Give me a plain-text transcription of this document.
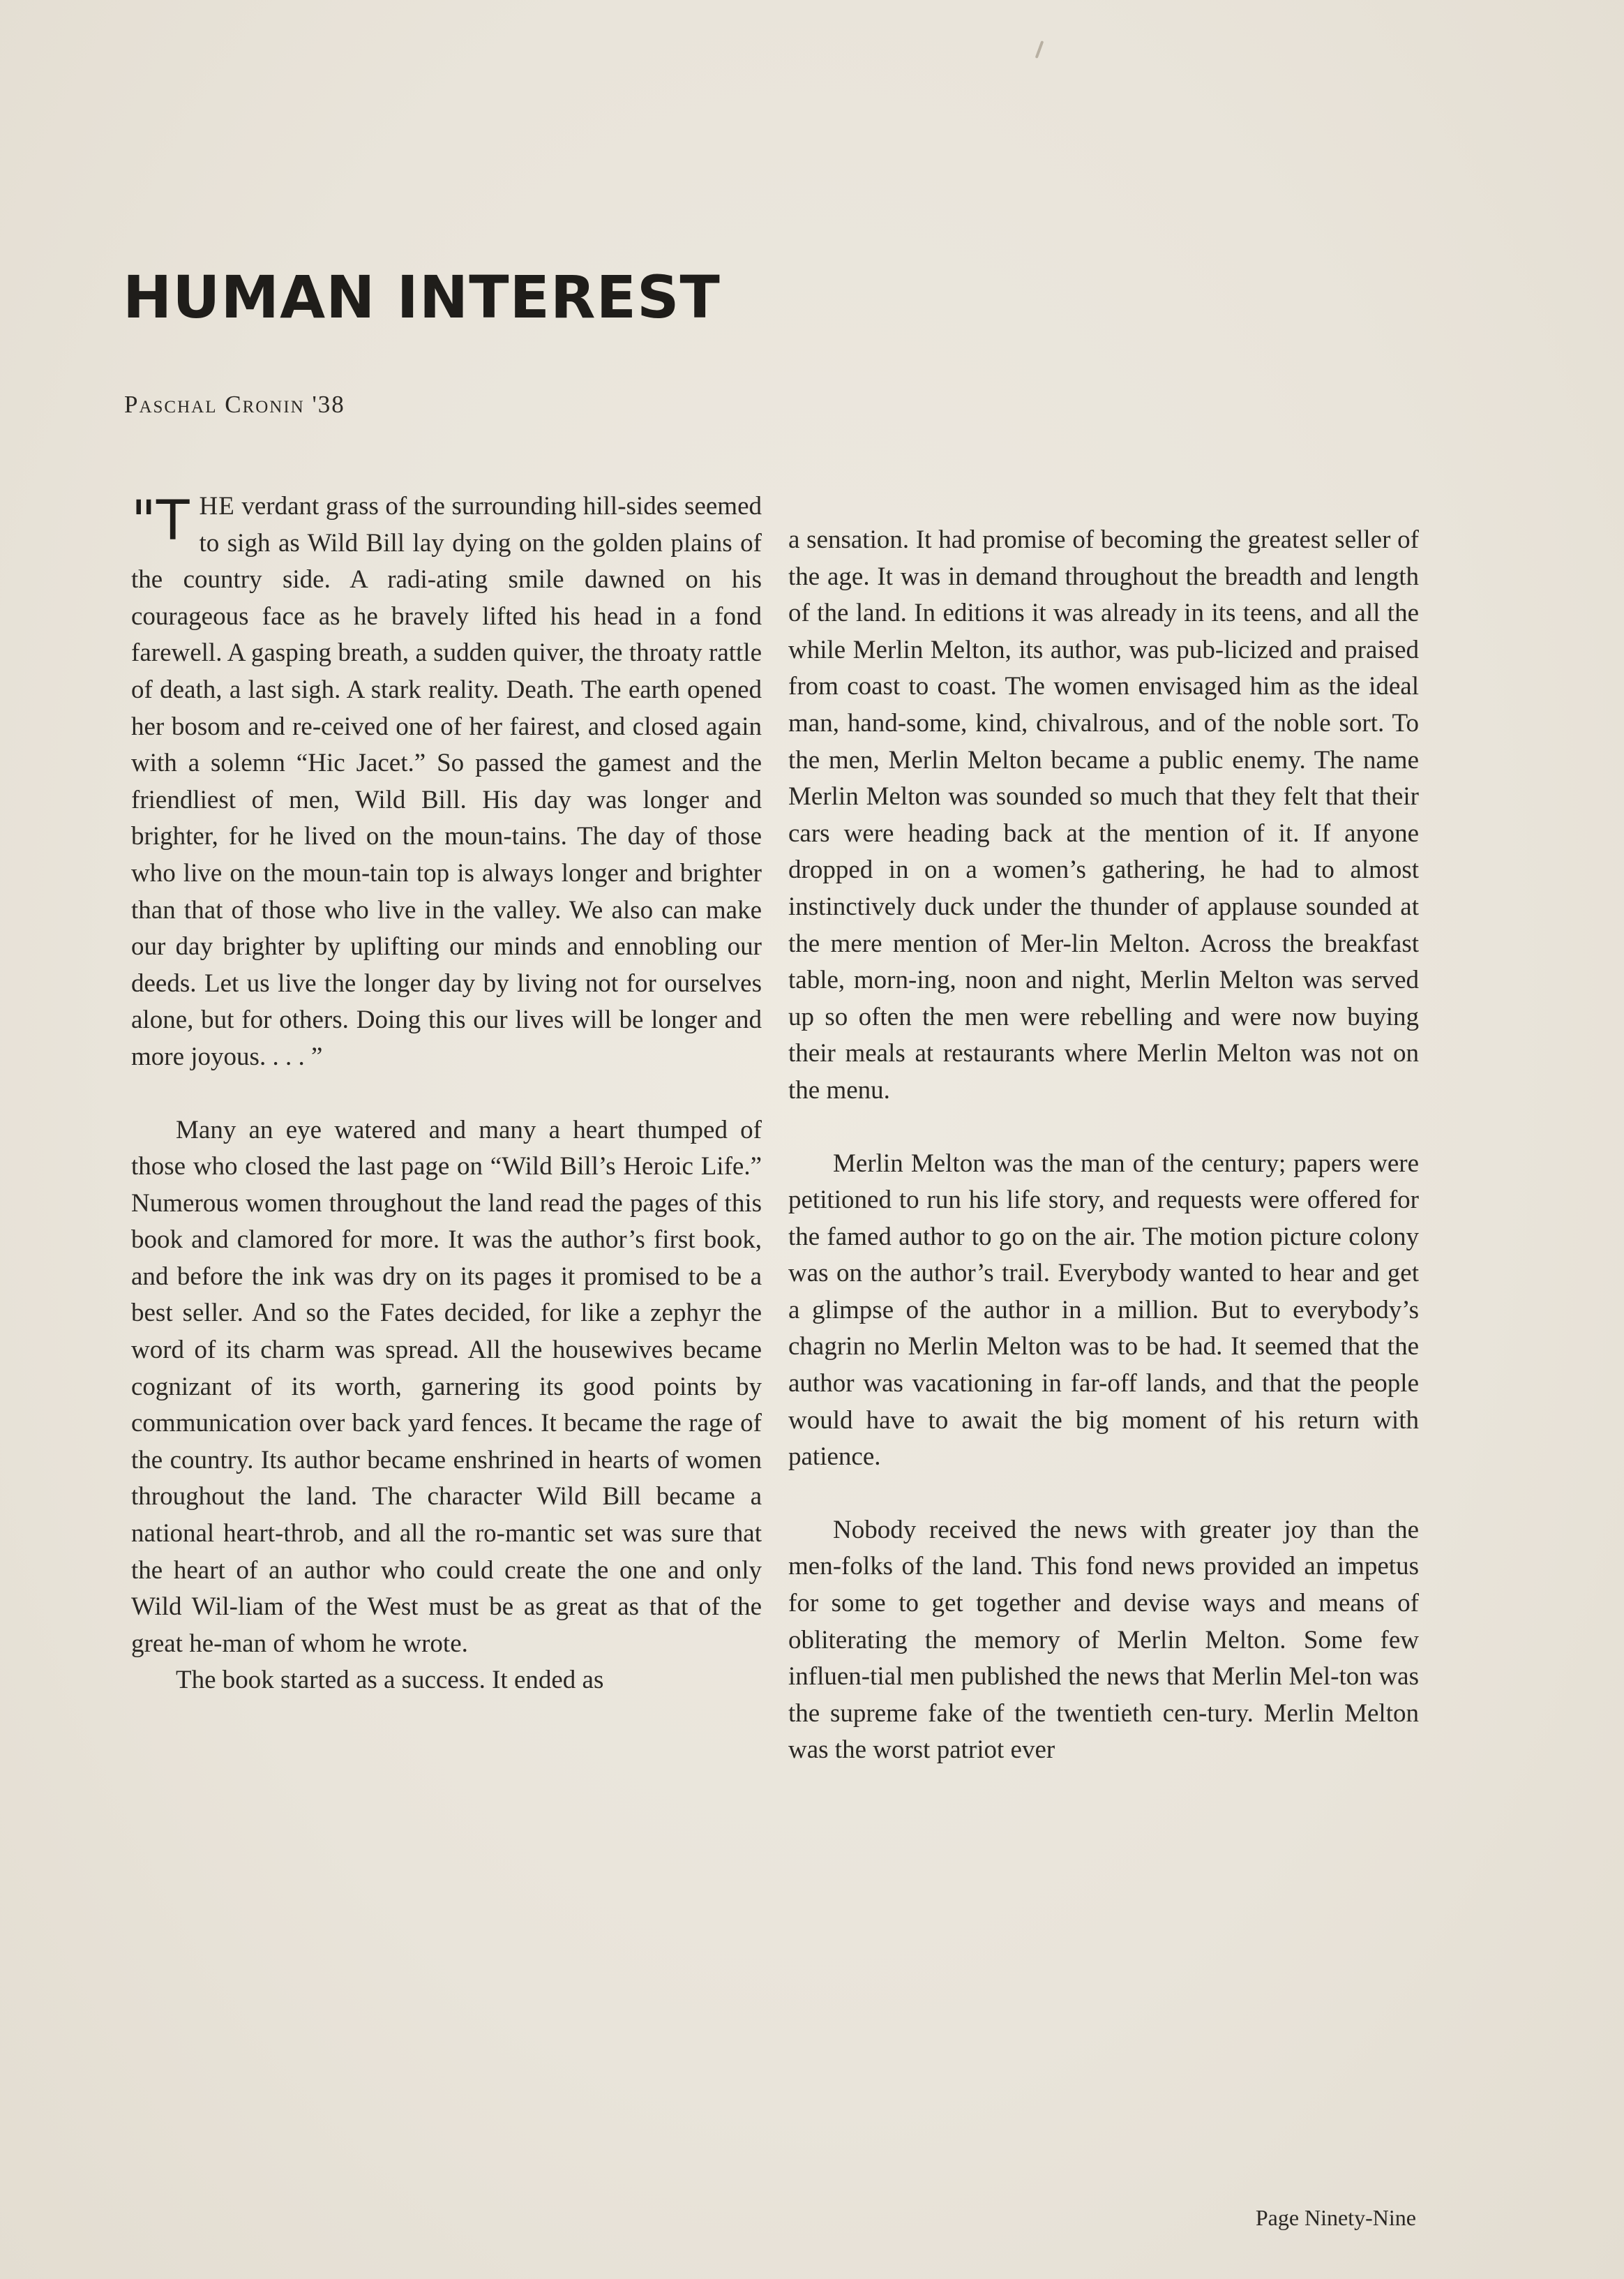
HUMAN INTEREST
Paschal Cronin '38

"THE verdant grass of the surrounding hill-sides seemed to sigh as Wild Bill lay dying on the golden plains of the country side. A radi-ating smile dawned on his courageous face as he bravely lifted his head in a fond farewell. A gasping breath, a sudden quiver, the throaty rattle of death, a last sigh. A stark reality. Death. The earth opened her bosom and re-ceived one of her fairest, and closed again with a solemn “Hic Jacet.” So passed the gamest and the friendliest of men, Wild Bill. His day was longer and brighter, for he lived on the moun-tains. The day of those who live on the moun-tain top is always longer and brighter than that of those who live in the valley. We also can make our day brighter by uplifting our minds and ennobling our deeds. Let us live the longer day by living not for ourselves alone, but for others. Doing this our lives will be longer and more joyous. . . . ”

Many an eye watered and many a heart thumped of those who closed the last page on “Wild Bill’s Heroic Life.” Numerous women throughout the land read the pages of this book and clamored for more. It was the author’s first book, and before the ink was dry on its pages it promised to be a best seller. And so the Fates decided, for like a zephyr the word of its charm was spread. All the housewives became cognizant of its worth, garnering its good points by communication over back yard fences. It became the rage of the country. Its author became enshrined in hearts of women throughout the land. The character Wild Bill became a national heart-throb, and all the ro-mantic set was sure that the heart of an author who could create the one and only Wild Wil-liam of the West must be as great as that of the great he-man of whom he wrote.

The book started as a success. It ended as

a sensation. It had promise of becoming the greatest seller of the age. It was in demand throughout the breadth and length of the land. In editions it was already in its teens, and all the while Merlin Melton, its author, was pub-licized and praised from coast to coast. The women envisaged him as the ideal man, hand-some, kind, chivalrous, and of the noble sort. To the men, Merlin Melton became a public enemy. The name Merlin Melton was sounded so much that they felt that their cars were heading back at the mention of it. If anyone dropped in on a women’s gathering, he had to almost instinctively duck under the thunder of applause sounded at the mere mention of Mer-lin Melton. Across the breakfast table, morn-ing, noon and night, Merlin Melton was served up so often the men were rebelling and were now buying their meals at restaurants where Merlin Melton was not on the menu.

Merlin Melton was the man of the century; papers were petitioned to run his life story, and requests were offered for the famed author to go on the air. The motion picture colony was on the author’s trail. Everybody wanted to hear and get a glimpse of the author in a million. But to everybody’s chagrin no Merlin Melton was to be had. It seemed that the author was vacationing in far-off lands, and that the people would have to await the big moment of his return with patience.

Nobody received the news with greater joy than the men-folks of the land. This fond news provided an impetus for some to get together and devise ways and means of obliterating the memory of Merlin Melton. Some few influen-tial men published the news that Merlin Mel-ton was the supreme fake of the twentieth cen-tury. Merlin Melton was the worst patriot ever

Page Ninety-Nine
